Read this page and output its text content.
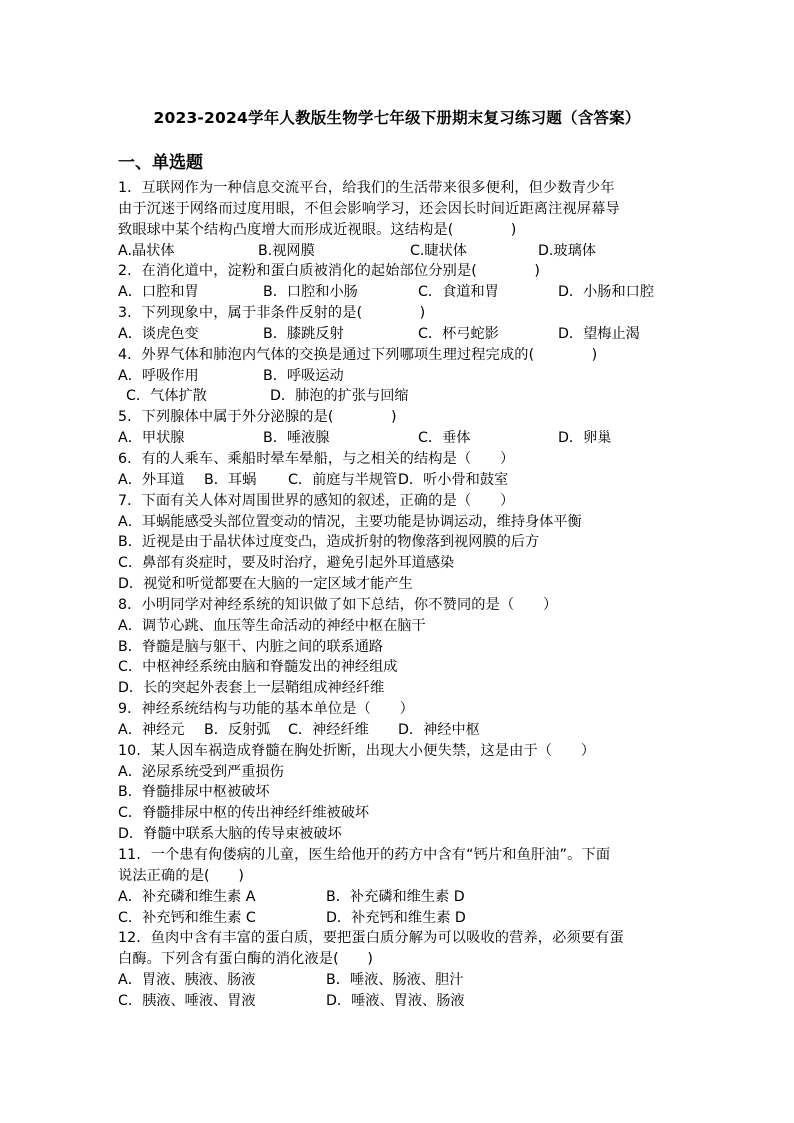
2023-2024学年人教版生物学七年级下册期末复习练习题（含答案）
一、单选题
1．互联网作为一种信息交流平台，给我们的生活带来很多便利，但少数青少年
由于沉迷于网络而过度用眼，不但会影响学习，还会因长时间近距离注视屏幕导
致眼球中某个结构凸度增大而形成近视眼。这结构是(　　　　)
A.晶状体	B.视网膜	C.睫状体	D.玻璃体
2．在消化道中，淀粉和蛋白质被消化的起始部位分别是(　　　　)
A．口腔和胃	B．口腔和小肠	C．食道和胃	D．小肠和口腔
3．下列现象中，属于非条件反射的是(　　　　)
A．谈虎色变	B．膝跳反射	C．杯弓蛇影	D．望梅止渴
4．外界气体和肺泡内气体的交换是通过下列哪项生理过程完成的(　　　　)
A．呼吸作用	B．呼吸运动
C．气体扩散	D．肺泡的扩张与回缩
5．下列腺体中属于外分泌腺的是(　　　　)
A．甲状腺	B．唾液腺	C．垂体	D．卵巢
6．有的人乘车、乘船时晕车晕船，与之相关的结构是（　　）
A．外耳道 B．耳蜗 C．前庭与半规管 D．听小骨和鼓室
7．下面有关人体对周围世界的感知的叙述，正确的是（　　）
A．耳蜗能感受头部位置变动的情况，主要功能是协调运动，维持身体平衡
B．近视是由于晶状体过度变凸，造成折射的物像落到视网膜的后方
C．鼻部有炎症时，要及时治疗，避免引起外耳道感染
D．视觉和听觉都要在大脑的一定区域才能产生
8．小明同学对神经系统的知识做了如下总结，你不赞同的是（　　）
A．调节心跳、血压等生命活动的神经中枢在脑干
B．脊髓是脑与躯干、内脏之间的联系通路
C．中枢神经系统由脑和脊髓发出的神经组成
D．长的突起外表套上一层鞘组成神经纤维
9．神经系统结构与功能的基本单位是（　　）
A．神经元 B．反射弧 C．神经纤维 D．神经中枢
10．某人因车祸造成脊髓在胸处折断，出现大小便失禁，这是由于（　　）
A．泌尿系统受到严重损伤
B．脊髓排尿中枢被破坏
C．脊髓排尿中枢的传出神经纤维被破坏
D．脊髓中联系大脑的传导束被破坏
11．一个患有佝偻病的儿童，医生给他开的药方中含有“钙片和鱼肝油”。下面
说法正确的是(　　)
A．补充磷和维生素 A	B．补充磷和维生素 D
C．补充钙和维生素 C	D．补充钙和维生素 D
12．鱼肉中含有丰富的蛋白质，要把蛋白质分解为可以吸收的营养，必须要有蛋
白酶。下列含有蛋白酶的消化液是(　　)
A．胃液、胰液、肠液	B．唾液、肠液、胆汁
C．胰液、唾液、胃液	D．唾液、胃液、肠液
